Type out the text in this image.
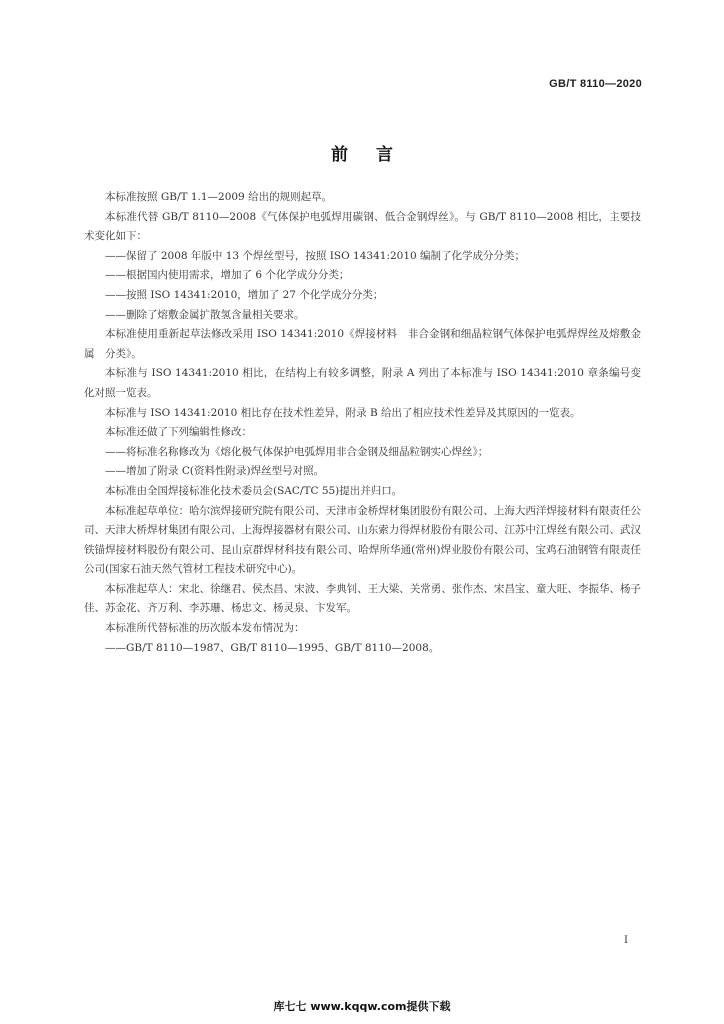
GB/T 8110—2020
前言

本标准按照 GB/T 1.1—2009 给出的规则起草。

本标准代替 GB/T 8110—2008《气体保护电弧焊用碳钢、低合金钢焊丝》。与 GB/T 8110—2008 相比，主要技术变化如下：

——保留了 2008 年版中 13 个焊丝型号，按照 ISO 14341:2010 编制了化学成分分类；

——根据国内使用需求，增加了 6 个化学成分分类；

——按照 ISO 14341:2010，增加了 27 个化学成分分类；

——删除了熔敷金属扩散氢含量相关要求。

本标准使用重新起草法修改采用 ISO 14341:2010《焊接材料　非合金钢和细晶粒钢气体保护电弧焊焊丝及熔敷金属　分类》。

本标准与 ISO 14341:2010 相比，在结构上有较多调整，附录 A 列出了本标准与 ISO 14341:2010 章条编号变化对照一览表。

本标准与 ISO 14341:2010 相比存在技术性差异，附录 B 给出了相应技术性差异及其原因的一览表。

本标准还做了下列编辑性修改：

——将标准名称修改为《熔化极气体保护电弧焊用非合金钢及细晶粒钢实心焊丝》；

——增加了附录 C(资料性附录)焊丝型号对照。

本标准由全国焊接标准化技术委员会(SAC/TC 55)提出并归口。

本标准起草单位：哈尔滨焊接研究院有限公司、天津市金桥焊材集团股份有限公司、上海大西洋焊接材料有限责任公司、天津大桥焊材集团有限公司、上海焊接器材有限公司、山东索力得焊材股份有限公司、江苏中江焊丝有限公司、武汉铁锚焊接材料股份有限公司、昆山京群焊材科技有限公司、哈焊所华通(常州)焊业股份有限公司、宝鸡石油钢管有限责任公司(国家石油天然气管材工程技术研究中心)。

本标准起草人：宋北、徐继君、侯杰昌、宋波、李典钊、王大梁、关常勇、张作杰、宋昌宝、童大旺、李振华、杨子佳、苏金花、齐万利、李苏珊、杨忠文、杨灵泉、卞发军。

本标准所代替标准的历次版本发布情况为：

——GB/T 8110—1987、GB/T 8110—1995、GB/T 8110—2008。

I
库七七 www.kqqw.com提供下载
